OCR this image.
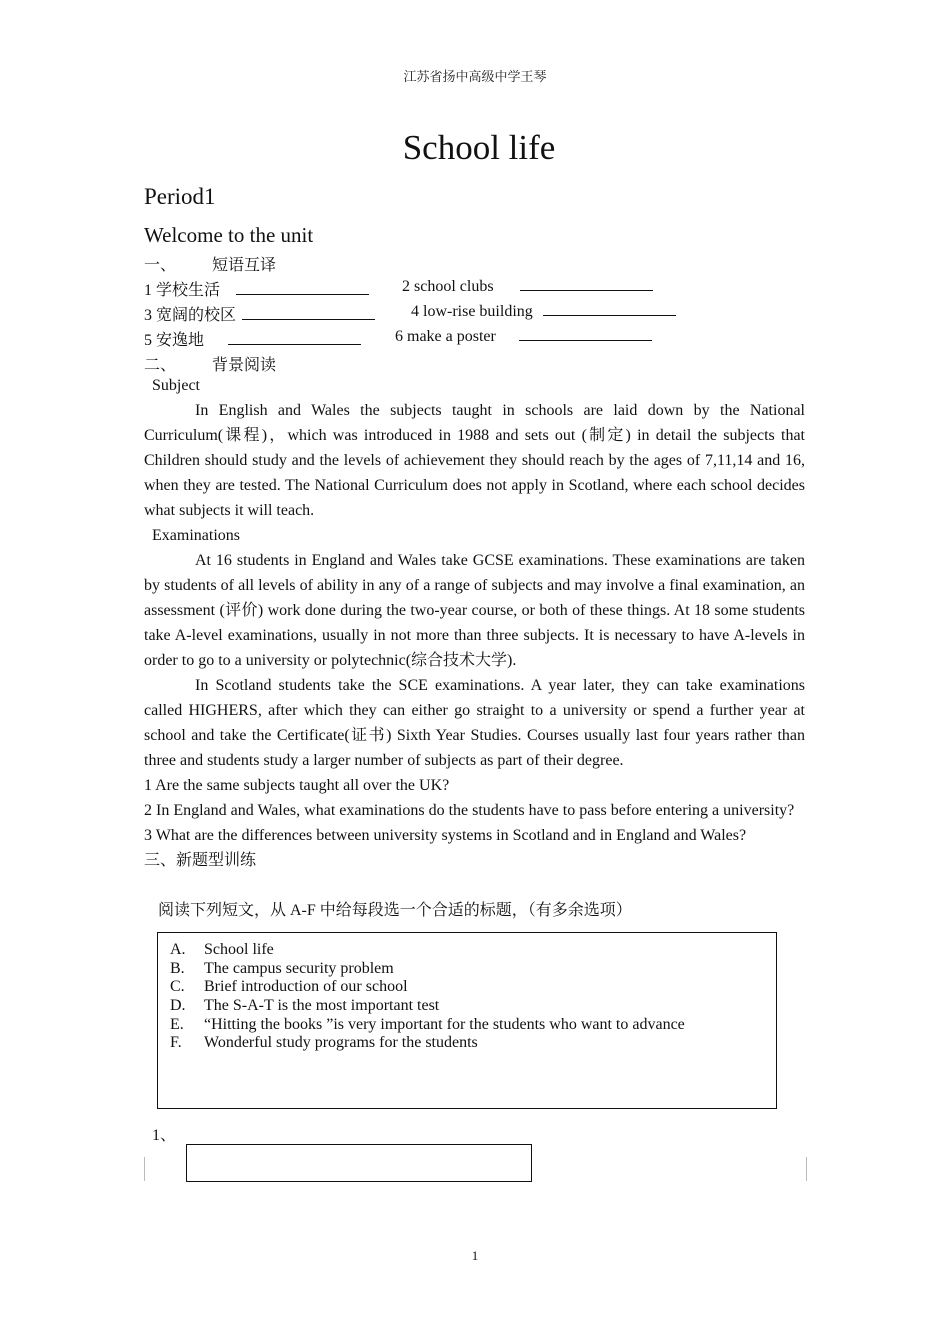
江苏省扬中高级中学王琴
School life
Period1
Welcome to the unit
一、 短语互译
1 学校生活	2 school clubs
3 宽阔的校区	4 low-rise building
5 安逸地	6 make a poster
二、 背景阅读

Subject

In English and Wales the subjects taught in schools are laid down by the National Curriculum(课程)，which was introduced in 1988 and sets out (制定) in detail the subjects that Children should study and the levels of achievement they should reach by the ages of 7,11,14 and 16, when they are tested. The National Curriculum does not apply in Scotland, where each school decides what subjects it will teach.

Examinations

At 16 students in England and Wales take GCSE examinations. These examinations are taken by students of all levels of ability in any of a range of subjects and may involve a final examination, an assessment (评价) work done during the two-year course, or both of these things. At 18 some students take A-level examinations, usually in not more than three subjects. It is necessary to have A-levels in order to go to a university or polytechnic(综合技术大学).

In Scotland students take the SCE examinations. A year later, they can take examinations called HIGHERS, after which they can either go straight to a university or spend a further year at school and take the Certificate(证书) Sixth Year Studies. Courses usually last four years rather than three and students study a larger number of subjects as part of their degree.

1 Are the same subjects taught all over the UK?

2 In England and Wales, what examinations do the students have to pass before entering a university?

3 What are the differences between university systems in Scotland and in England and Wales?

三、新题型训练

阅读下列短文，从 A-F 中给每段选一个合适的标题，（有多余选项）
A. School life
B. The campus security problem
C. Brief introduction of our school
D. The S-A-T is the most important test
E. “Hitting the books ”is very important for the students who want to advance
F. Wonderful study programs for the students
1、
1
